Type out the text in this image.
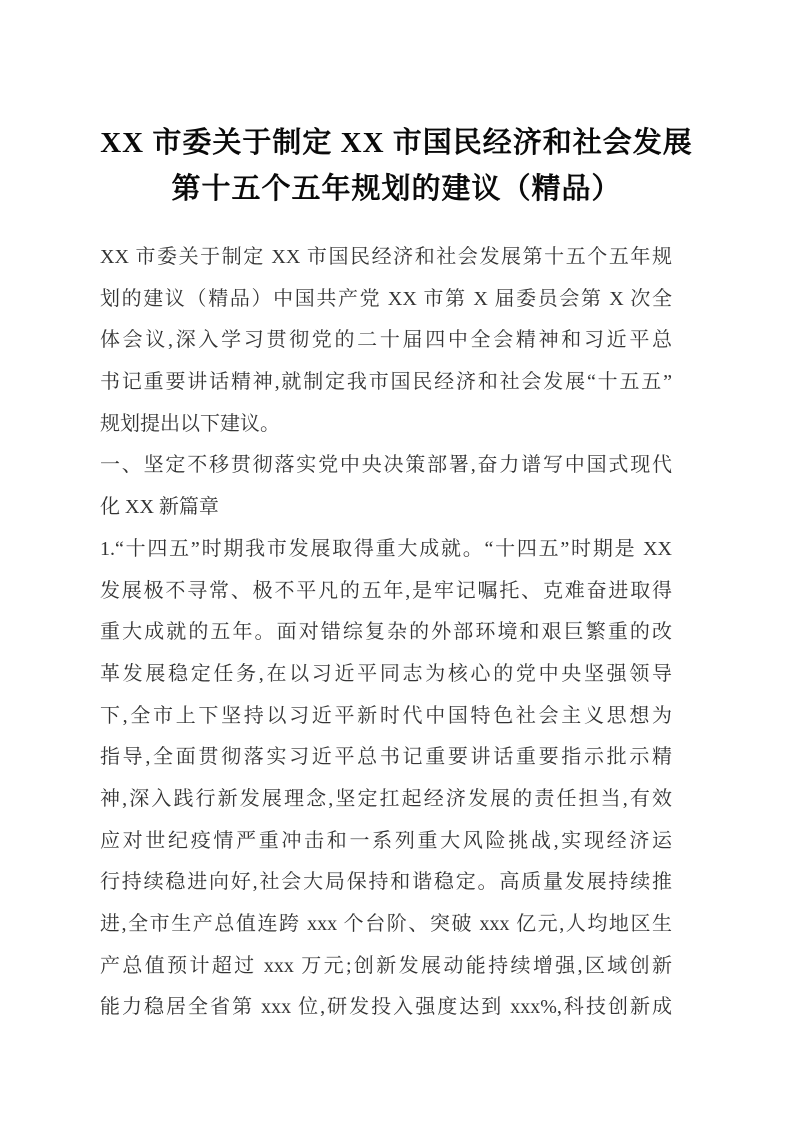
XX 市委关于制定 XX 市国民经济和社会发展
第十五个五年规划的建议（精品）
XX 市委关于制定 XX 市国民经济和社会发展第十五个五年规
划的建议（精品）中国共产党 XX 市第 X 届委员会第 X 次全
体会议,深入学习贯彻党的二十届四中全会精神和习近平总
书记重要讲话精神,就制定我市国民经济和社会发展“十五五”
规划提出以下建议。
一、坚定不移贯彻落实党中央决策部署,奋力谱写中国式现代
化 XX 新篇章
1.“十四五”时期我市发展取得重大成就。“十四五”时期是 XX
发展极不寻常、极不平凡的五年,是牢记嘱托、克难奋进取得
重大成就的五年。面对错综复杂的外部环境和艰巨繁重的改
革发展稳定任务,在以习近平同志为核心的党中央坚强领导
下,全市上下坚持以习近平新时代中国特色社会主义思想为
指导,全面贯彻落实习近平总书记重要讲话重要指示批示精
神,深入践行新发展理念,坚定扛起经济发展的责任担当,有效
应对世纪疫情严重冲击和一系列重大风险挑战,实现经济运
行持续稳进向好,社会大局保持和谐稳定。高质量发展持续推
进,全市生产总值连跨 xxx 个台阶、突破 xxx 亿元,人均地区生
产总值预计超过 xxx 万元;创新发展动能持续增强,区域创新
能力稳居全省第 xxx 位,研发投入强度达到 xxx%,科技创新成
